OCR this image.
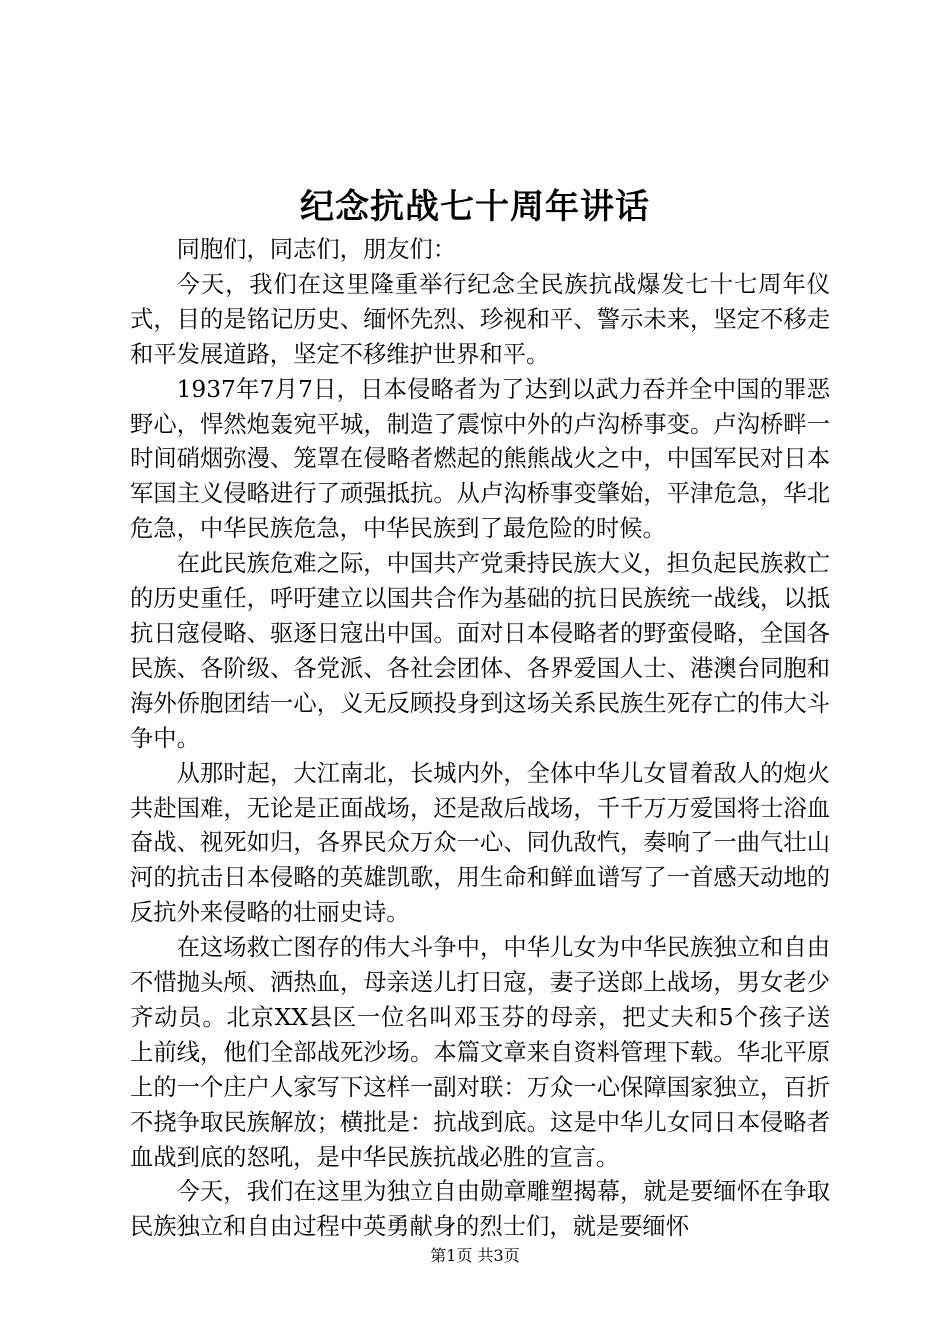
纪念抗战七十周年讲话

同胞们，同志们，朋友们：

今天，我们在这里隆重举行纪念全民族抗战爆发七十七周年仪式，目的是铭记历史、缅怀先烈、珍视和平、警示未来，坚定不移走和平发展道路，坚定不移维护世界和平。

1937年7月7日，日本侵略者为了达到以武力吞并全中国的罪恶野心，悍然炮轰宛平城，制造了震惊中外的卢沟桥事变。卢沟桥畔一时间硝烟弥漫、笼罩在侵略者燃起的熊熊战火之中，中国军民对日本军国主义侵略进行了顽强抵抗。从卢沟桥事变肇始，平津危急，华北危急，中华民族危急，中华民族到了最危险的时候。

在此民族危难之际，中国共产党秉持民族大义，担负起民族救亡的历史重任，呼吁建立以国共合作为基础的抗日民族统一战线，以抵抗日寇侵略、驱逐日寇出中国。面对日本侵略者的野蛮侵略，全国各民族、各阶级、各党派、各社会团体、各界爱国人士、港澳台同胞和海外侨胞团结一心，义无反顾投身到这场关系民族生死存亡的伟大斗争中。

从那时起，大江南北，长城内外，全体中华儿女冒着敌人的炮火共赴国难，无论是正面战场，还是敌后战场，千千万万爱国将士浴血奋战、视死如归，各界民众万众一心、同仇敌忾，奏响了一曲气壮山河的抗击日本侵略的英雄凯歌，用生命和鲜血谱写了一首感天动地的反抗外来侵略的壮丽史诗。

在这场救亡图存的伟大斗争中，中华儿女为中华民族独立和自由不惜抛头颅、洒热血，母亲送儿打日寇，妻子送郎上战场，男女老少齐动员。北京XX县区一位名叫邓玉芬的母亲，把丈夫和5个孩子送上前线，他们全部战死沙场。本篇文章来自资料管理下载。华北平原上的一个庄户人家写下这样一副对联：万众一心保障国家独立，百折不挠争取民族解放；横批是：抗战到底。这是中华儿女同日本侵略者血战到底的怒吼，是中华民族抗战必胜的宣言。

今天，我们在这里为独立自由勋章雕塑揭幕，就是要缅怀在争取民族独立和自由过程中英勇献身的烈士们，就是要缅怀

第1页 共3页
